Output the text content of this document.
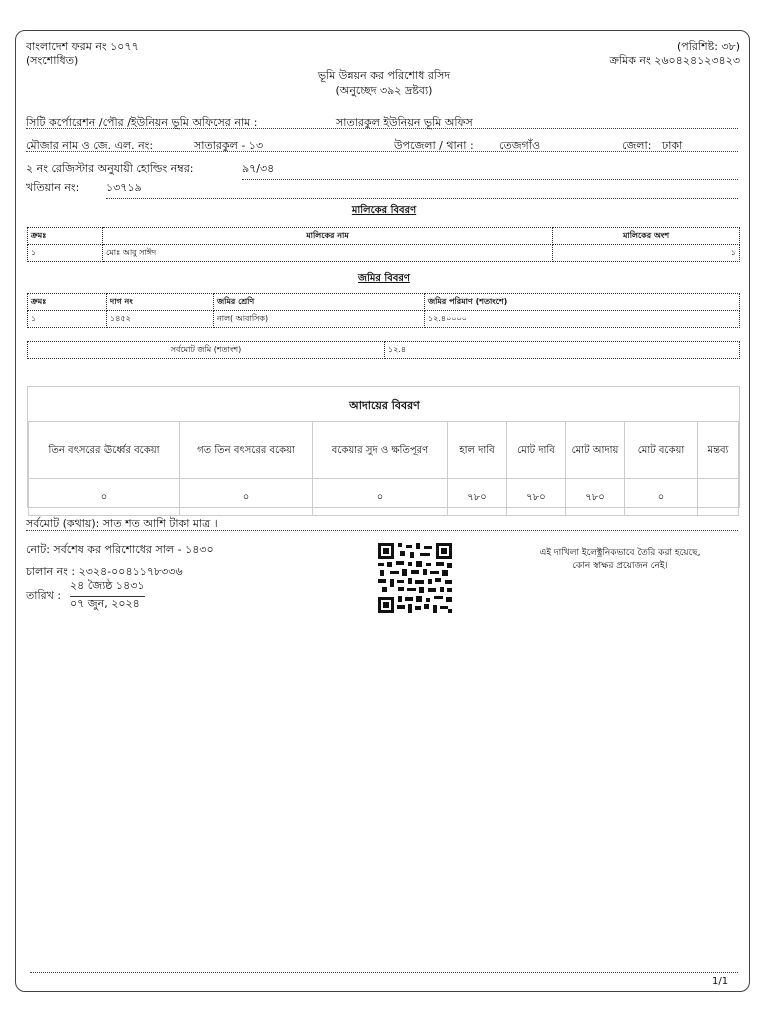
বাংলাদেশ ফরম নং ১০৭৭
(সংশোধিত)
(পরিশিষ্ট: ৩৮)
ক্রমিক নং ২৬০৪২৪১২৩৪২৩
ভূমি উন্নয়ন কর পরিশোধ রসিদ
(অনুচ্ছেদ ৩৯২ দ্রষ্টব্য)
সিটি কর্পোরেশন /পৌর /ইউনিয়ন ভূমি অফিসের নাম :	সাতারকুল ইউনিয়ন ভূমি অফিস
মৌজার নাম ও জে. এল. নং:	সাতারকুল - ১৩	উপজেলা / থানা : তেজগাঁও	জেলা: ঢাকা
২ নং রেজিস্টার অনুযায়ী হোল্ডিং নম্বর:	৯৭/৩৪
খতিয়ান নং: ১৩৭১৯
মালিকের বিবরণ
ক্রমঃ	মালিকের নাম	মালিকের অংশ
১	মোঃ আবু সাঈদ	১
জমির বিবরণ
ক্রমঃ	দাগ নং	জমির শ্রেণি	জমির পরিমাণ (শতাংশে)
১	১৪৫২	নাল( আবাসিক)	১২.৪০০০০
সর্বমোট জমি (শতাংশ)	১২.৪
আদায়ের বিবরণ
তিন বৎসরের ঊর্ধ্বের বকেয়া	গত তিন বৎসরের বকেয়া	বকেয়ার সুদ ও ক্ষতিপূরণ	হাল দাবি	মোট দাবি	মোট আদায়	মোট বকেয়া	মন্তব্য
০	০	০	৭৮০	৭৮০	৭৮০	০	
সর্বমোট (কথায়): সাত শত আশি টাকা মাত্র ।
নোট: সর্বশেষ কর পরিশোধের সাল - ১৪৩০
চালান নং : ২৩২৪-০০৪১১৭৮৩৩৬
তারিখ :
২৪ জ্যৈষ্ঠ ১৪৩১
০৭ জুন, ২০২৪
এই দাখিলা ইলেক্ট্রনিকভাবে তৈরি করা হয়েছে,
কোন স্বাক্ষর প্রয়োজন নেই।
1/1
